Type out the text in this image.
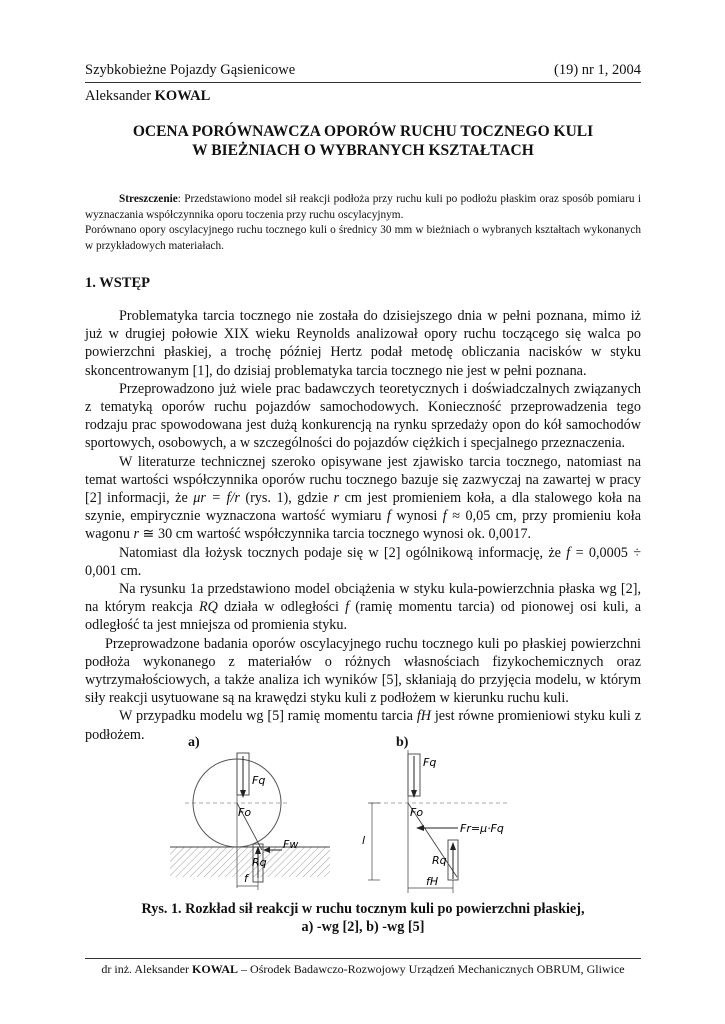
Szybkobieżne Pojazdy Gąsienicowe	(19) nr 1, 2004
Aleksander KOWAL
OCENA PORÓWNAWCZA OPORÓW RUCHU TOCZNEGO KULI
W BIEŻNIACH O WYBRANYCH KSZTAŁTACH

Streszczenie: Przedstawiono model sił reakcji podłoża przy ruchu kuli po podłożu płaskim oraz sposób pomiaru i wyznaczania współczynnika oporu toczenia przy ruchu oscylacyjnym.

Porównano opory oscylacyjnego ruchu tocznego kuli o średnicy 30 mm w bieżniach o wybranych kształtach wykonanych w przykładowych materiałach.

1. WSTĘP

Problematyka tarcia tocznego nie została do dzisiejszego dnia w pełni poznana, mimo iż już w drugiej połowie XIX wieku Reynolds analizował opory ruchu toczącego się walca po powierzchni płaskiej, a trochę później Hertz podał metodę obliczania nacisków w styku skoncentrowanym [1], do dzisiaj problematyka tarcia tocznego nie jest w pełni poznana.

Przeprowadzono już wiele prac badawczych teoretycznych i doświadczalnych związanych z tematyką oporów ruchu pojazdów samochodowych. Konieczność przeprowadzenia tego rodzaju prac spowodowana jest dużą konkurencją na rynku sprzedaży opon do kół samochodów sportowych, osobowych, a w szczególności do pojazdów ciężkich i specjalnego przeznaczenia.

W literaturze technicznej szeroko opisywane jest zjawisko tarcia tocznego, natomiast na temat wartości współczynnika oporów ruchu tocznego bazuje się zazwyczaj na zawartej w pracy [2] informacji, że μr = f/r (rys. 1), gdzie r cm jest promieniem koła, a dla stalowego koła na szynie, empirycznie wyznaczona wartość wymiaru f wynosi f ≈ 0,05 cm, przy promieniu koła wagonu r ≅ 30 cm wartość współczynnika tarcia tocznego wynosi ok. 0,0017.

Natomiast dla łożysk tocznych podaje się w [2] ogólnikową informację, że f = 0,0005 ÷ 0,001 cm.

Na rysunku 1a przedstawiono model obciążenia w styku kula-powierzchnia płaska wg [2], na którym reakcja RQ działa w odległości f (ramię momentu tarcia) od pionowej osi kuli, a odległość ta jest mniejsza od promienia styku.

Przeprowadzone badania oporów oscylacyjnego ruchu tocznego kuli po płaskiej powierzchni podłoża wykonanego z materiałów o różnych własnościach fizykochemicznych oraz wytrzymałościowych, a także analiza ich wyników [5], skłaniają do przyjęcia modelu, w którym siły reakcji usytuowane są na krawędzi styku kuli z podłożem w kierunku ruchu kuli.

W przypadku modelu wg [5] ramię momentu tarcia fH jest równe promieniowi styku kuli z podłożem.	a)	b)
Fq
Fo
Rq
Fw
f
Fq
Fo
Fr=μ·Fq
l
Rq
fH
Rys. 1. Rozkład sił reakcji w ruchu tocznym kuli po powierzchni płaskiej,
a) -wg [2], b) -wg [5]
dr inż. Aleksander KOWAL – Ośrodek Badawczo-Rozwojowy Urządzeń Mechanicznych OBRUM, Gliwice
